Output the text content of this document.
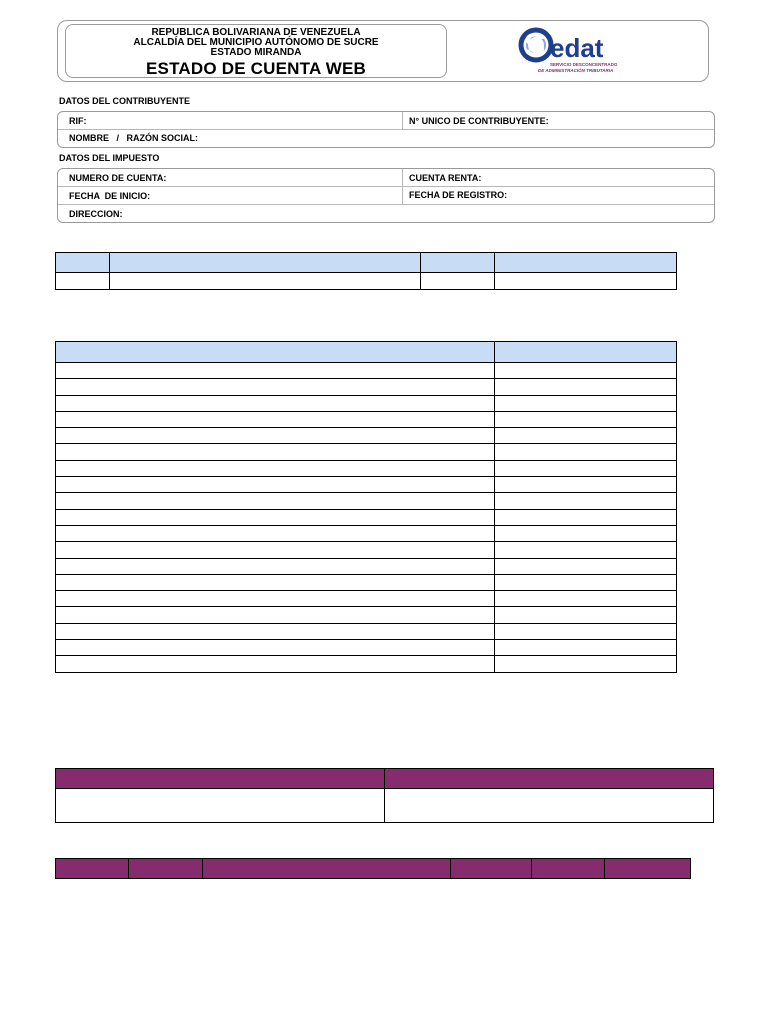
REPUBLICA BOLIVARIANA DE VENEZUELA
ALCALDÍA DEL MUNICIPIO AUTÓNOMO DE SUCRE
ESTADO MIRANDA
ESTADO DE CUENTA WEB
S edat
SERVICIO DESCONCENTRADO
DE ADMINISTRACIÓN TRIBUTARIA
DATOS DEL CONTRIBUYENTE
RIF:	N° UNICO DE CONTRIBUYENTE:
NOMBRE   /   RAZÓN SOCIAL:
DATOS DEL IMPUESTO
NUMERO DE CUENTA:	CUENTA RENTA:
FECHA  DE INICIO:	FECHA DE REGISTRO:
DIRECCION:
